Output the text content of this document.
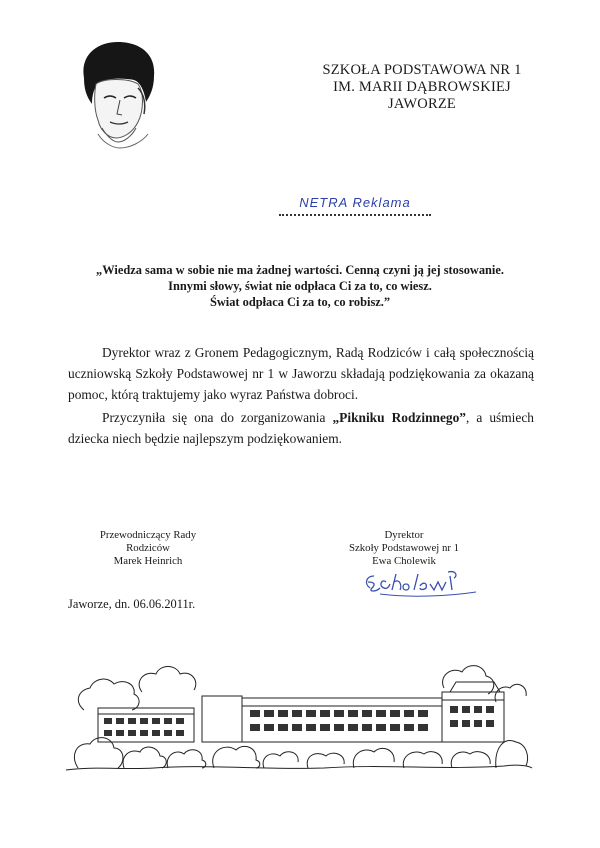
SZKOŁA PODSTAWOWA NR 1
IM. MARII DĄBROWSKIEJ
JAWORZE
NETRA Reklama
„Wiedza sama w sobie nie ma żadnej wartości. Cenną czyni ją jej stosowanie.
Innymi słowy, świat nie odpłaca Ci za to, co wiesz.
Świat odpłaca Ci za to, co robisz.”

Dyrektor wraz z Gronem Pedagogicznym, Radą Rodziców i całą społecznością uczniowską Szkoły Podstawowej nr 1 w Jaworzu składają podziękowania za okazaną pomoc, którą traktujemy jako wyraz Państwa dobroci.

Przyczyniła się ona do zorganizowania „Pikniku Rodzinnego”, a uśmiech dziecka niech będzie najlepszym podziękowaniem.

Przewodniczący Rady
Rodziców
Marek Heinrich
Dyrektor
Szkoły Podstawowej nr 1
Ewa Cholewik
Jaworze, dn. 06.06.2011r.
